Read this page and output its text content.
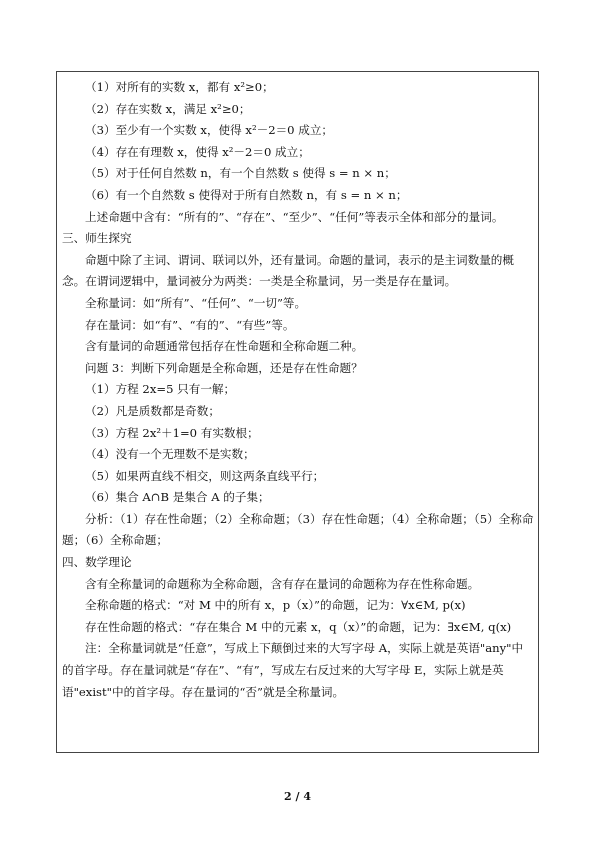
（1）对所有的实数 x，都有 x²≥0；
（2）存在实数 x，满足 x²≥0；
（3）至少有一个实数 x，使得 x²－2＝0 成立；
（4）存在有理数 x，使得 x²－2＝0 成立；
（5）对于任何自然数 n，有一个自然数 s 使得 s = n × n；
（6）有一个自然数 s 使得对于所有自然数 n，有 s = n × n；
上述命题中含有：“所有的”、“存在”、“至少”、“任何”等表示全体和部分的量词。
三、师生探究
命题中除了主词、谓词、联词以外，还有量词。命题的量词，表示的是主词数量的概念。在谓词逻辑中，量词被分为两类：一类是全称量词，另一类是存在量词。
全称量词：如“所有”、“任何”、“一切”等。
存在量词：如“有”、“有的”、“有些”等。
含有量词的命题通常包括存在性命题和全称命题二种。
问题 3：判断下列命题是全称命题，还是存在性命题？
（1）方程 2x=5 只有一解；
（2）凡是质数都是奇数；
（3）方程 2x²＋1=0 有实数根；
（4）没有一个无理数不是实数；
（5）如果两直线不相交，则这两条直线平行；
（6）集合 A∩B 是集合 A 的子集；
分析：（1）存在性命题；（2）全称命题；（3）存在性命题；（4）全称命题；（5）全称命题；（6）全称命题；
四、数学理论
含有全称量词的命题称为全称命题，含有存在量词的命题称为存在性称命题。
全称命题的格式：“对 M 中的所有 x，p（x）”的命题，记为：∀x∈M, p(x)
存在性命题的格式：“存在集合 M 中的元素 x，q（x）”的命题，记为：∃x∈M, q(x)
注：全称量词就是“任意”，写成上下颠倒过来的大写字母 A，实际上就是英语"any"中的首字母。存在量词就是“存在”、“有”，写成左右反过来的大写字母 E，实际上就是英语"exist"中的首字母。存在量词的“否”就是全称量词。
2 / 4
